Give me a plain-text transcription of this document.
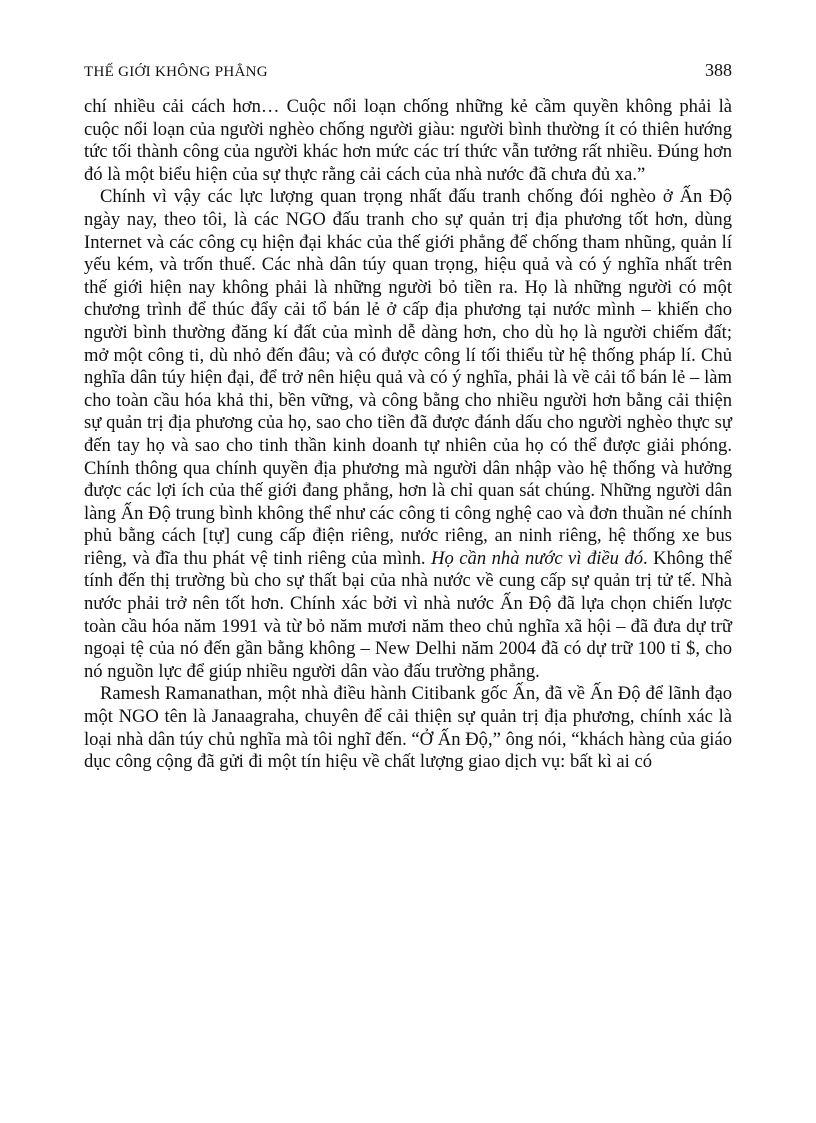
THẾ GIỚI KHÔNG PHẲNG	388

chí nhiều cải cách hơn… Cuộc nổi loạn chống những kẻ cầm quyền không phải là cuộc nổi loạn của người nghèo chống người giàu: người bình thường ít có thiên hướng tức tối thành công của người khác hơn mức các trí thức vẫn tưởng rất nhiều. Đúng hơn đó là một biểu hiện của sự thực rằng cải cách của nhà nước đã chưa đủ xa.”

Chính vì vậy các lực lượng quan trọng nhất đấu tranh chống đói nghèo ở Ấn Độ ngày nay, theo tôi, là các NGO đấu tranh cho sự quản trị địa phương tốt hơn, dùng Internet và các công cụ hiện đại khác của thế giới phẳng để chống tham nhũng, quản lí yếu kém, và trốn thuế. Các nhà dân túy quan trọng, hiệu quả và có ý nghĩa nhất trên thế giới hiện nay không phải là những người bỏ tiền ra. Họ là những người có một chương trình để thúc đẩy cải tổ bán lẻ ở cấp địa phương tại nước mình – khiến cho người bình thường đăng kí đất của mình dễ dàng hơn, cho dù họ là người chiếm đất; mở một công ti, dù nhỏ đến đâu; và có được công lí tối thiểu từ hệ thống pháp lí. Chủ nghĩa dân túy hiện đại, để trở nên hiệu quả và có ý nghĩa, phải là về cải tổ bán lẻ – làm cho toàn cầu hóa khả thi, bền vững, và công bằng cho nhiều người hơn bằng cải thiện sự quản trị địa phương của họ, sao cho tiền đã được đánh dấu cho người nghèo thực sự đến tay họ và sao cho tinh thần kinh doanh tự nhiên của họ có thể được giải phóng. Chính thông qua chính quyền địa phương mà người dân nhập vào hệ thống và hưởng được các lợi ích của thế giới đang phẳng, hơn là chỉ quan sát chúng. Những người dân làng Ấn Độ trung bình không thể như các công ti công nghệ cao và đơn thuần né chính phủ bằng cách [tự] cung cấp điện riêng, nước riêng, an ninh riêng, hệ thống xe bus riêng, và đĩa thu phát vệ tinh riêng của mình. Họ cần nhà nước vì điều đó. Không thể tính đến thị trường bù cho sự thất bại của nhà nước về cung cấp sự quản trị tử tế. Nhà nước phải trở nên tốt hơn. Chính xác bởi vì nhà nước Ấn Độ đã lựa chọn chiến lược toàn cầu hóa năm 1991 và từ bỏ năm mươi năm theo chủ nghĩa xã hội – đã đưa dự trữ ngoại tệ của nó đến gần bằng không – New Delhi năm 2004 đã có dự trữ 100 tỉ $, cho nó nguồn lực để giúp nhiều người dân vào đấu trường phẳng.

Ramesh Ramanathan, một nhà điều hành Citibank gốc Ấn, đã về Ấn Độ để lãnh đạo một NGO tên là Janaagraha, chuyên để cải thiện sự quản trị địa phương, chính xác là loại nhà dân túy chủ nghĩa mà tôi nghĩ đến. “Ở Ấn Độ,” ông nói, “khách hàng của giáo dục công cộng đã gửi đi một tín hiệu về chất lượng giao dịch vụ: bất kì ai có
